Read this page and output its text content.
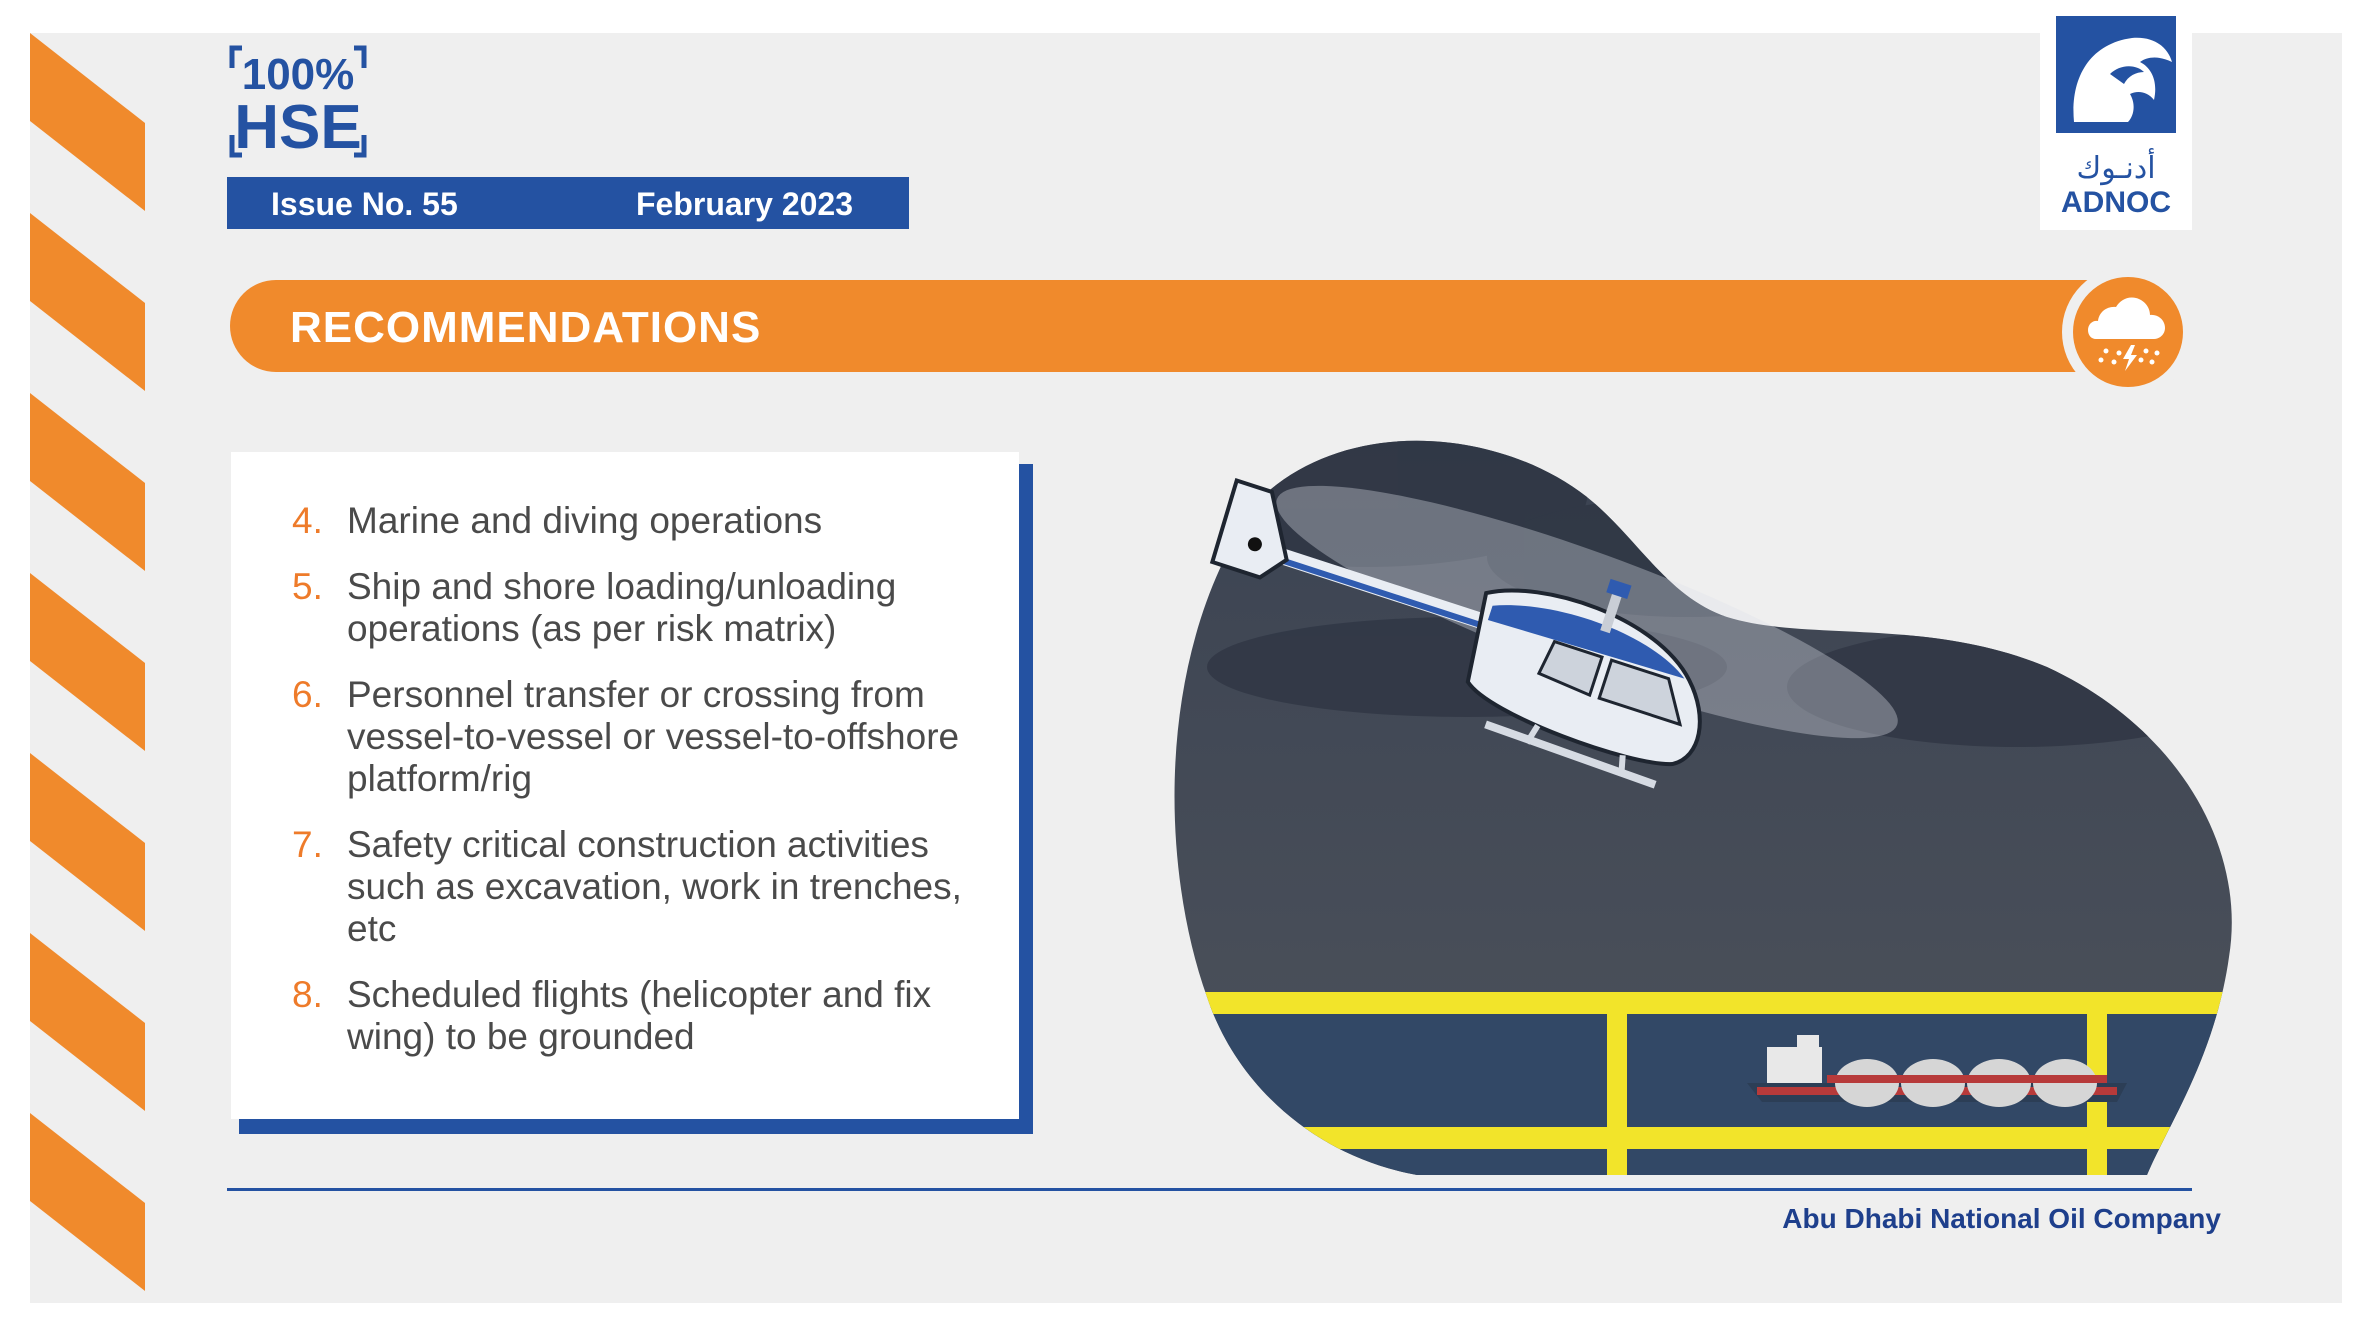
100%
HSE
Issue No. 55	February 2023
أدنـوك
ADNOC
RECOMMENDATIONS
4. Marine and diving operations
5. Ship and shore loading/unloading operations (as per risk matrix)
6. Personnel transfer or crossing from vessel-to-vessel or vessel-to-offshore platform/rig
7. Safety critical construction activities such as excavation, work in trenches, etc
8. Scheduled flights (helicopter and fix wing) to be grounded
Abu Dhabi National Oil Company
